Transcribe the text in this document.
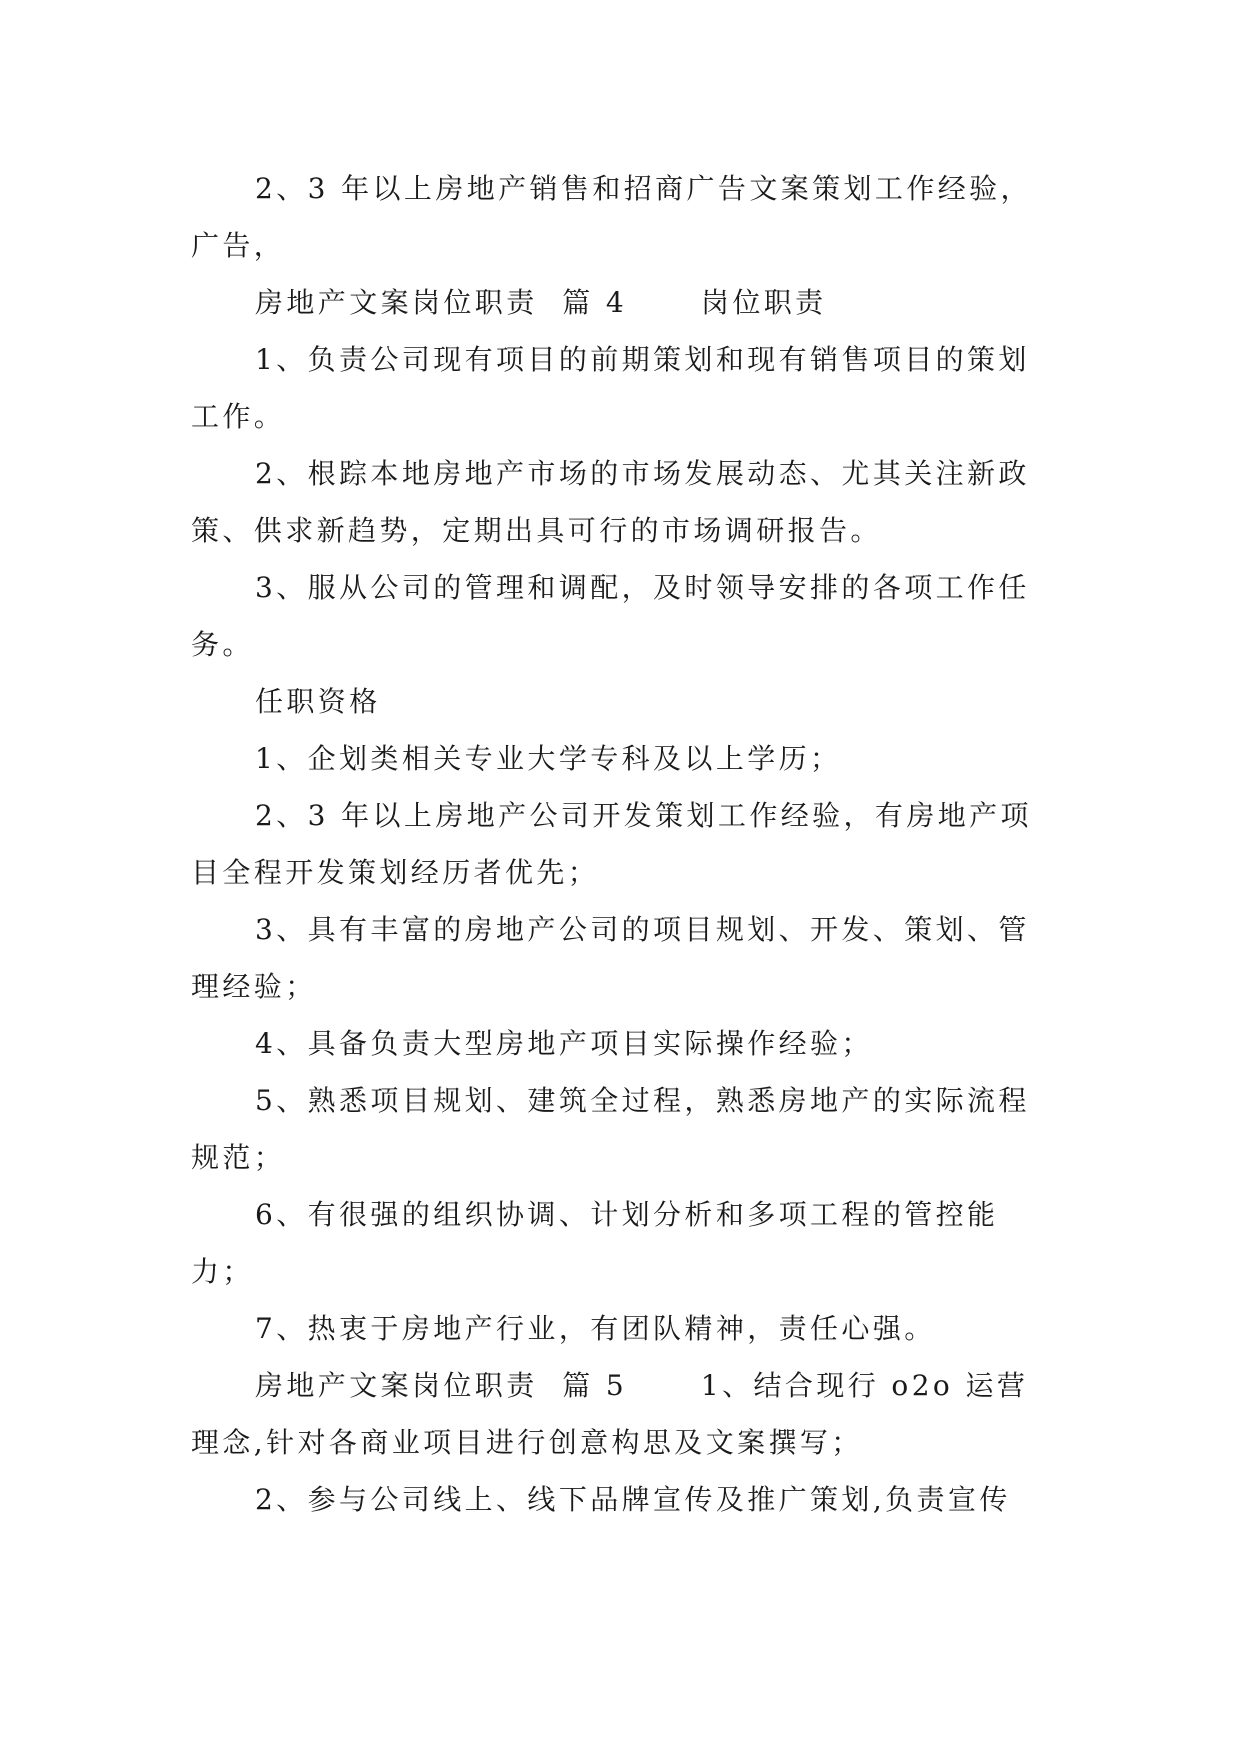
2、3 年以上房地产销售和招商广告文案策划工作经验，广告，

房地产文案岗位职责  篇 4      岗位职责

1、负责公司现有项目的前期策划和现有销售项目的策划工作。

2、根踪本地房地产市场的市场发展动态、尤其关注新政策、供求新趋势，定期出具可行的市场调研报告。

3、服从公司的管理和调配，及时领导安排的各项工作任务。

任职资格

1、企划类相关专业大学专科及以上学历；

2、3 年以上房地产公司开发策划工作经验，有房地产项目全程开发策划经历者优先；

3、具有丰富的房地产公司的项目规划、开发、策划、管理经验；

4、具备负责大型房地产项目实际操作经验；

5、熟悉项目规划、建筑全过程，熟悉房地产的实际流程规范；

6、有很强的组织协调、计划分析和多项工程的管控能力；

7、热衷于房地产行业，有团队精神，责任心强。

房地产文案岗位职责  篇 5      1、结合现行 o2o 运营理念,针对各商业项目进行创意构思及文案撰写；

2、参与公司线上、线下品牌宣传及推广策划,负责宣传
